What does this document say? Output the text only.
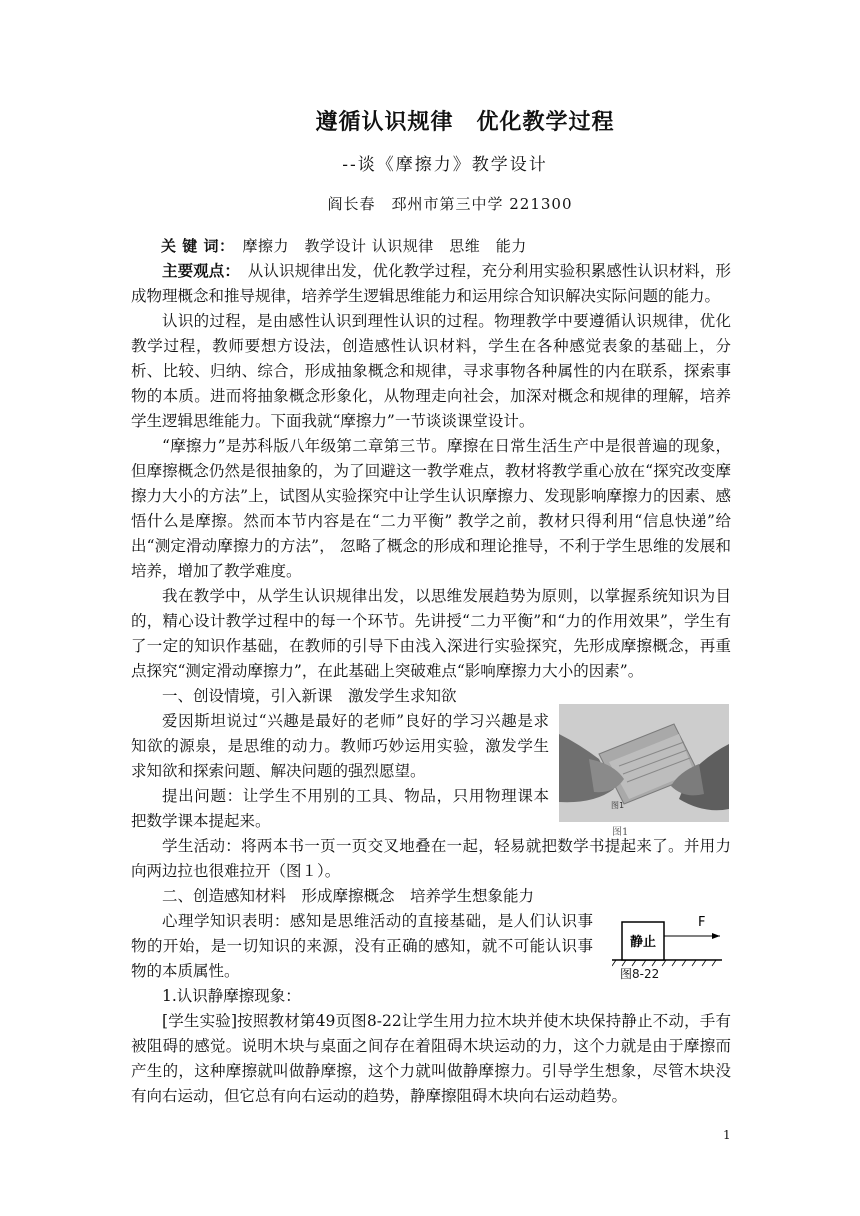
遵循认识规律　优化教学过程
--谈《摩擦力》教学设计
阎长春　邳州市第三中学 221300

关 键 词：　 摩擦力　教学设计 认识规律　思维　能力

主要观点：　 从认识规律出发，优化教学过程，充分利用实验积累感性认识材料，形成物理概念和推导规律，培养学生逻辑思维能力和运用综合知识解决实际问题的能力。

认识的过程，是由感性认识到理性认识的过程。物理教学中要遵循认识规律，优化教学过程，教师要想方设法，创造感性认识材料，学生在各种感觉表象的基础上，分析、比较、归纳、综合，形成抽象概念和规律，寻求事物各种属性的内在联系，探索事物的本质。进而将抽象概念形象化，从物理走向社会，加深对概念和规律的理解，培养学生逻辑思维能力。下面我就“摩擦力”一节谈谈课堂设计。

“摩擦力”是苏科版八年级第二章第三节。摩擦在日常生活生产中是很普遍的现象，但摩擦概念仍然是很抽象的，为了回避这一教学难点，教材将教学重心放在“探究改变摩擦力大小的方法”上，试图从实验探究中让学生认识摩擦力、发现影响摩擦力的因素、感悟什么是摩擦。然而本节内容是在“二力平衡” 教学之前，教材只得利用“信息快递”给出“测定滑动摩擦力的方法”， 忽略了概念的形成和理论推导，不利于学生思维的发展和培养，增加了教学难度。

我在教学中，从学生认识规律出发，以思维发展趋势为原则，以掌握系统知识为目的，精心设计教学过程中的每一个环节。先讲授“二力平衡”和“力的作用效果”，学生有了一定的知识作基础，在教师的引导下由浅入深进行实验探究，先形成摩擦概念，再重点探究“测定滑动摩擦力”，在此基础上突破难点“影响摩擦力大小的因素”。

一、创设情境，引入新课　激发学生求知欲

爱因斯坦说过“兴趣是最好的老师”良好的学习兴趣是求知欲的源泉，是思维的动力。教师巧妙运用实验，激发学生求知欲和探索问题、解决问题的强烈愿望。

提出问题：让学生不用别的工具、物品，只用物理课本把数学课本提起来。

学生活动：将两本书一页一页交叉地叠在一起，轻易就把数学书提起来了。并用力向两边拉也很难拉开（图１）。

二、创造感知材料　形成摩擦概念　培养学生想象能力

心理学知识表明：感知是思维活动的直接基础，是人们认识事物的开始，是一切知识的来源，没有正确的感知，就不可能认识事物的本质属性。

1.认识静摩擦现象：

[学生实验]按照教材第49页图8-22让学生用力拉木块并使木块保持静止不动，手有被阻碍的感觉。说明木块与桌面之间存在着阻碍木块运动的力，这个力就是由于摩擦而产生的，这种摩擦就叫做静摩擦，这个力就叫做静摩擦力。引导学生想象，尽管木块没有向右运动，但它总有向右运动的趋势，静摩擦阻碍木块向右运动趋势。

图1
图1
静止
F
图8-22
1
